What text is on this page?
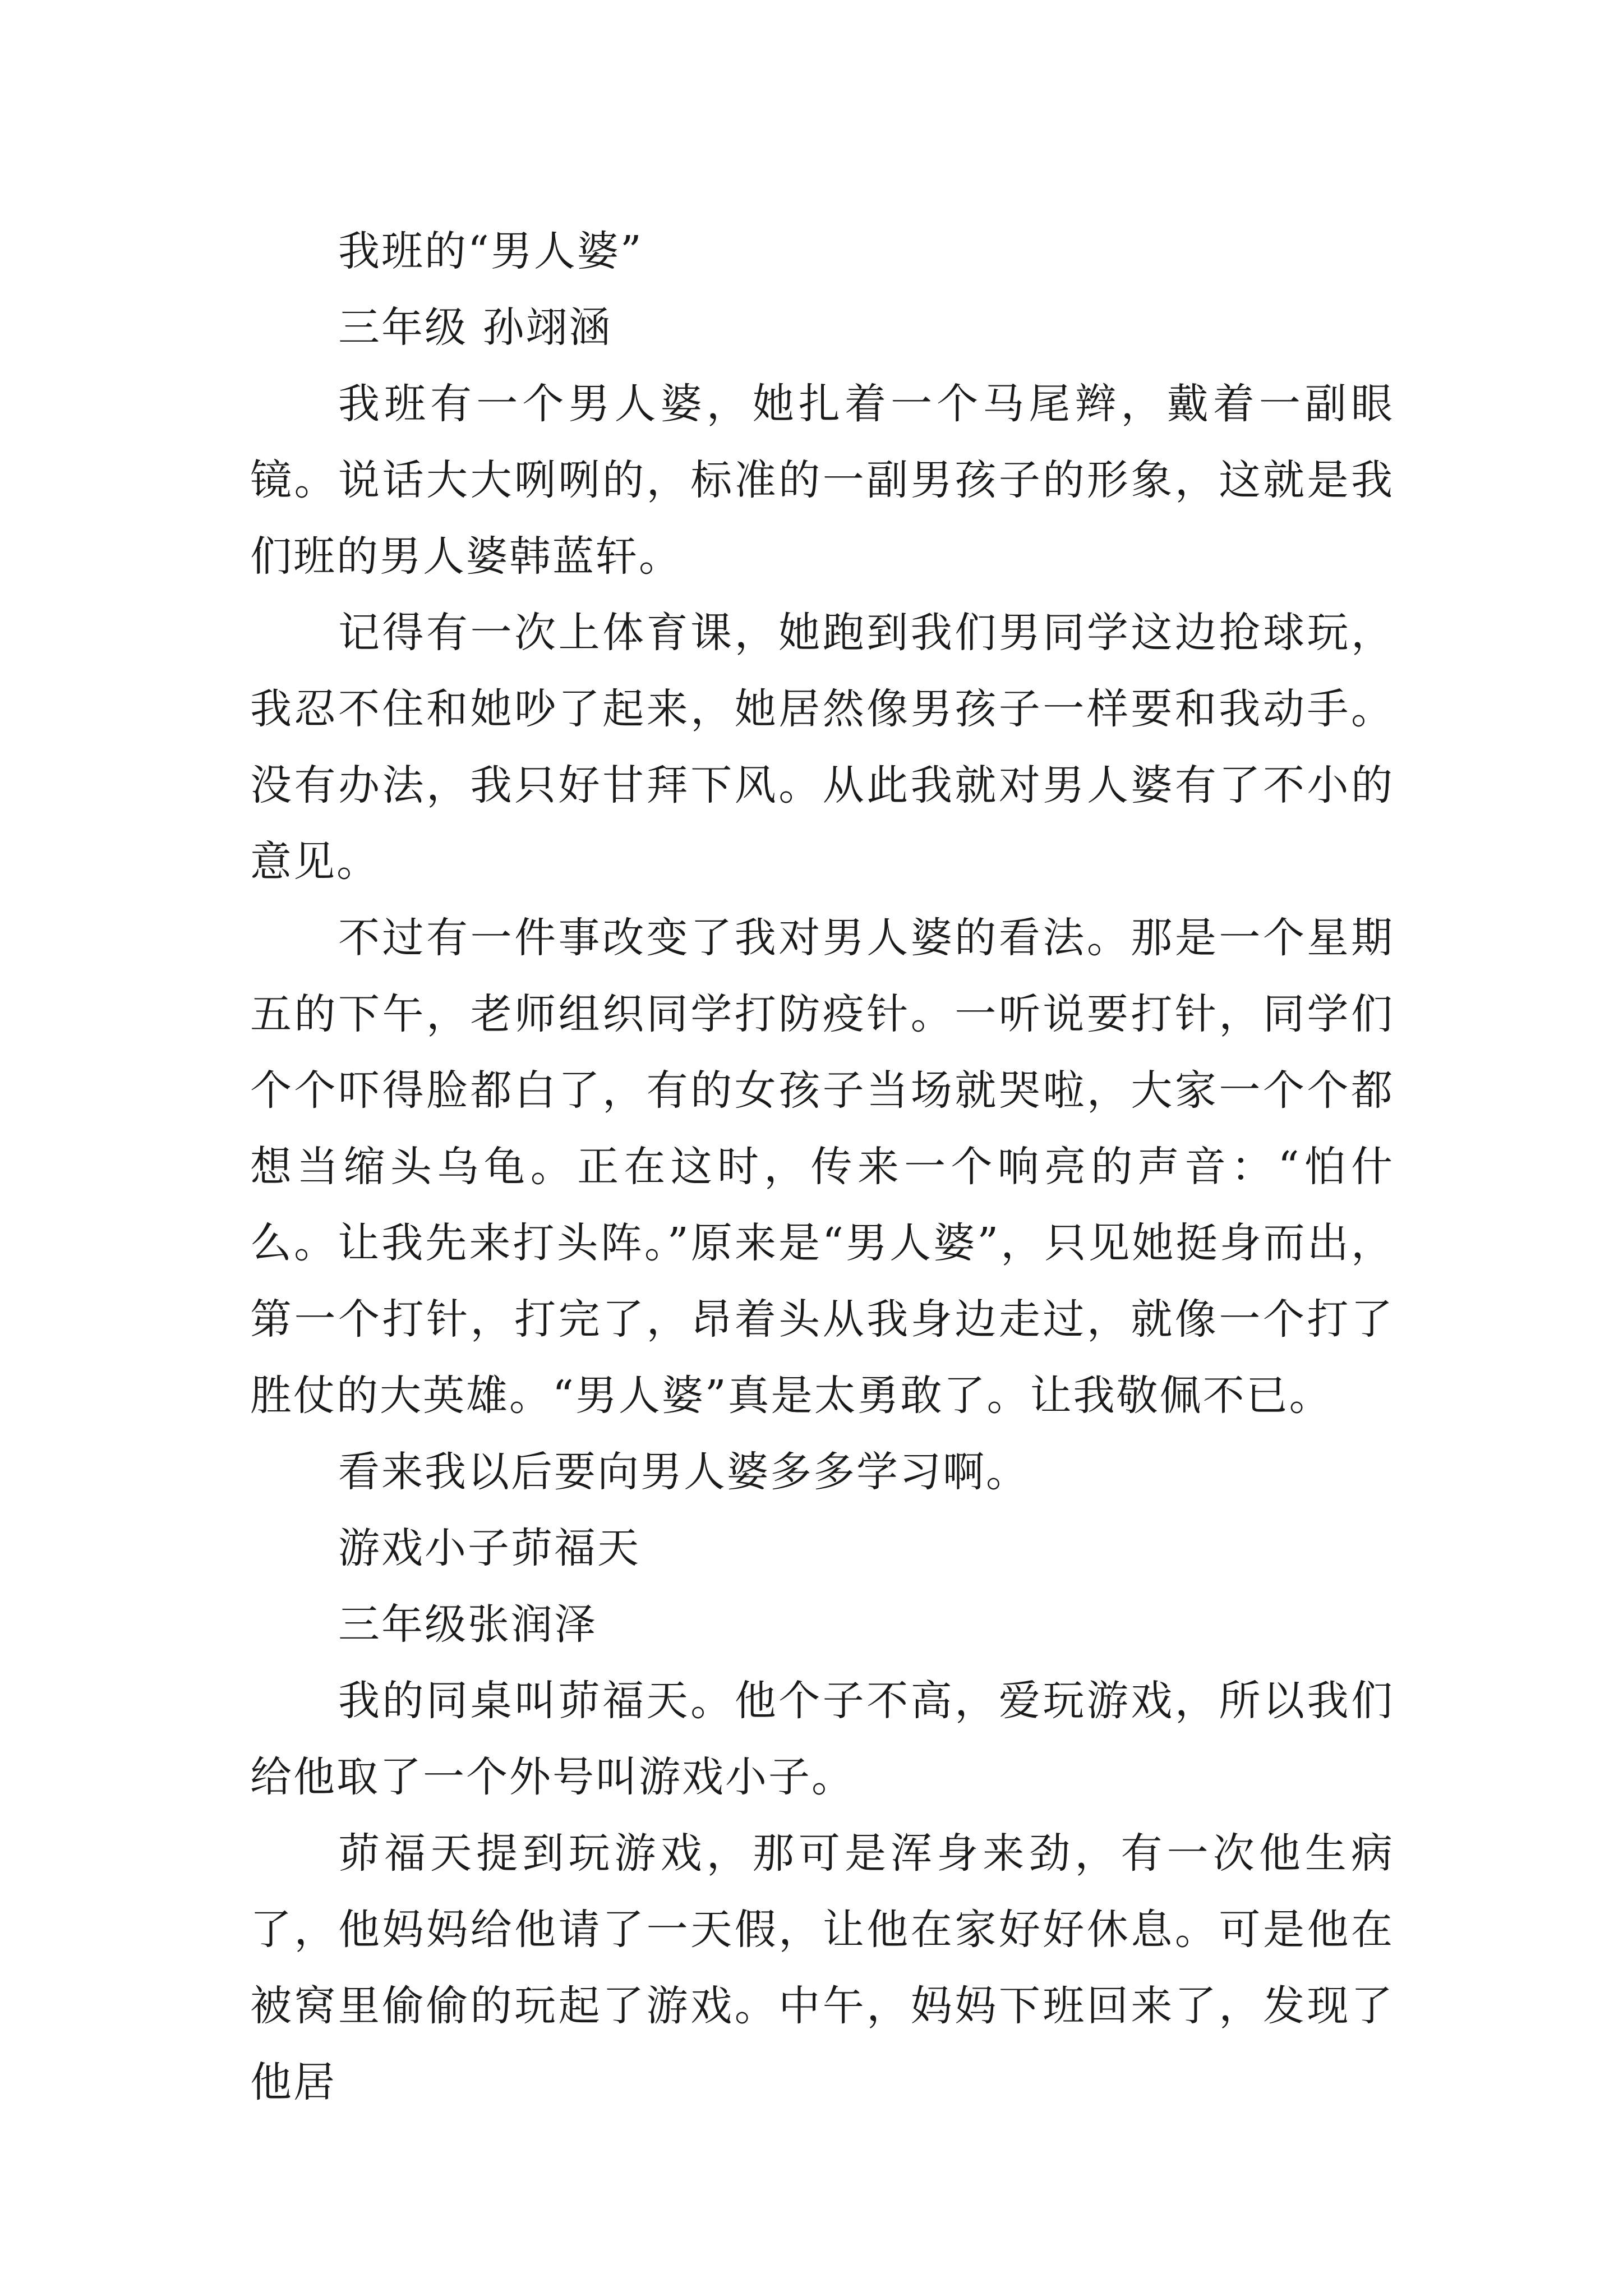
我班的“男人婆”

三年级 孙翊涵

我班有一个男人婆，她扎着一个马尾辫，戴着一副眼镜。说话大大咧咧的，标准的一副男孩子的形象，这就是我们班的男人婆韩蓝轩。

记得有一次上体育课，她跑到我们男同学这边抢球玩，我忍不住和她吵了起来，她居然像男孩子一样要和我动手。没有办法，我只好甘拜下风。从此我就对男人婆有了不小的意见。

不过有一件事改变了我对男人婆的看法。那是一个星期五的下午，老师组织同学打防疫针。一听说要打针，同学们个个吓得脸都白了，有的女孩子当场就哭啦，大家一个个都想当缩头乌龟。正在这时，传来一个响亮的声音：“怕什么。让我先来打头阵。”原来是“男人婆”，只见她挺身而出，第一个打针，打完了，昂着头从我身边走过，就像一个打了胜仗的大英雄。“男人婆”真是太勇敢了。让我敬佩不已。

看来我以后要向男人婆多多学习啊。

游戏小子茆福天

三年级张润泽

我的同桌叫茆福天。他个子不高，爱玩游戏，所以我们给他取了一个外号叫游戏小子。

茆福天提到玩游戏，那可是浑身来劲，有一次他生病了，他妈妈给他请了一天假，让他在家好好休息。可是他在被窝里偷偷的玩起了游戏。中午，妈妈下班回来了，发现了他居
